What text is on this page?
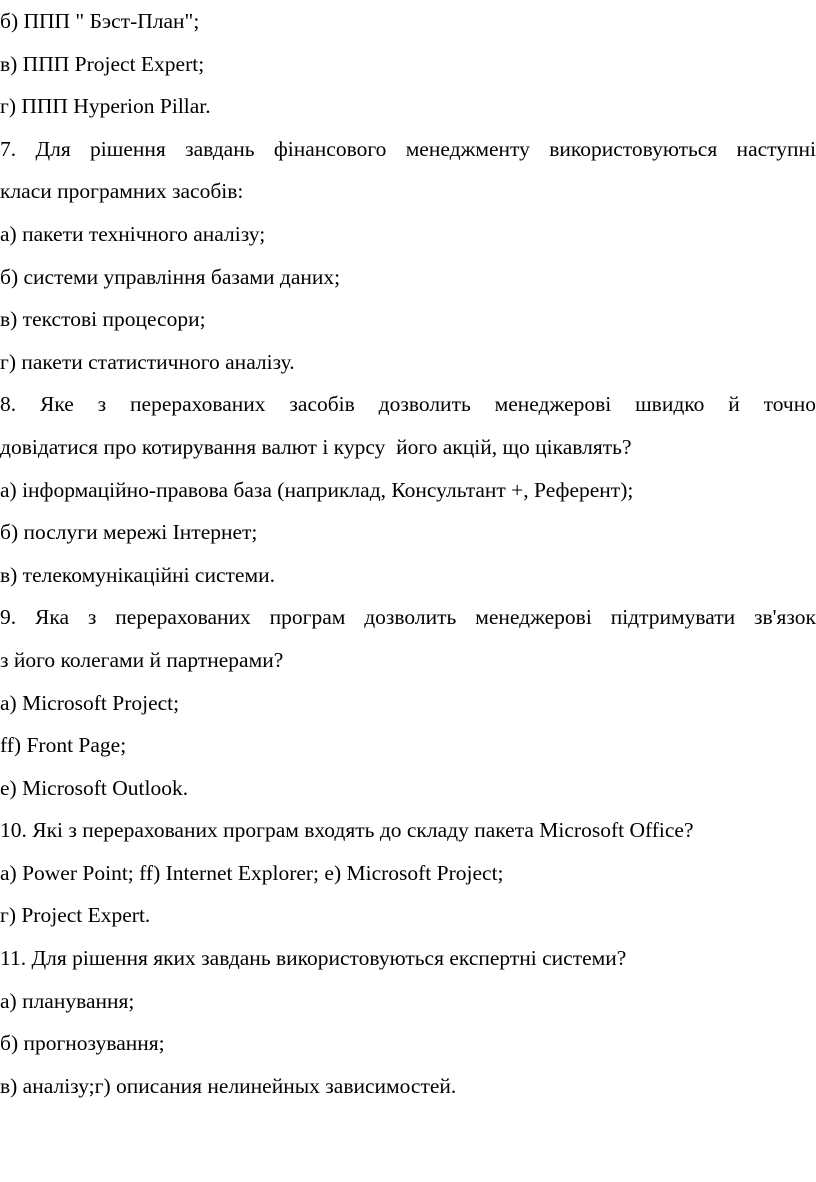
б) ППП " Бэст-План";
в) ППП Project Expert;
г) ППП Hyperion Pillar.
7. Для рішення завдань фінансового менеджменту використовуються наступні
класи програмних засобів:
а) пакети технічного аналізу;
б) системи управління базами даних;
в) текстові процесори;
г) пакети статистичного аналізу.
8. Яке з перерахованих засобів дозволить менеджерові швидко й точно
довідатися про котирування валют і курсу  його акцій, що цікавлять?
а) інформаційно-правова база (наприклад, Консультант +, Референт);
б) послуги мережі Інтернет;
в) телекомунікаційні системи.
9. Яка з перерахованих програм дозволить менеджерові підтримувати зв'язок
з його колегами й партнерами?
а) Microsoft Project;
ff) Front Page;
е) Microsoft Outlook.
10. Які з перерахованих програм входять до складу пакета Microsoft Office?
а) Power Point; ff) Internet Explorer; е) Microsoft Project;
г) Project Expert.
11. Для рішення яких завдань використовуються експертні системи?
а) планування;
б) прогнозування;
в) аналізу;г) описания нелинейных зависимостей.
